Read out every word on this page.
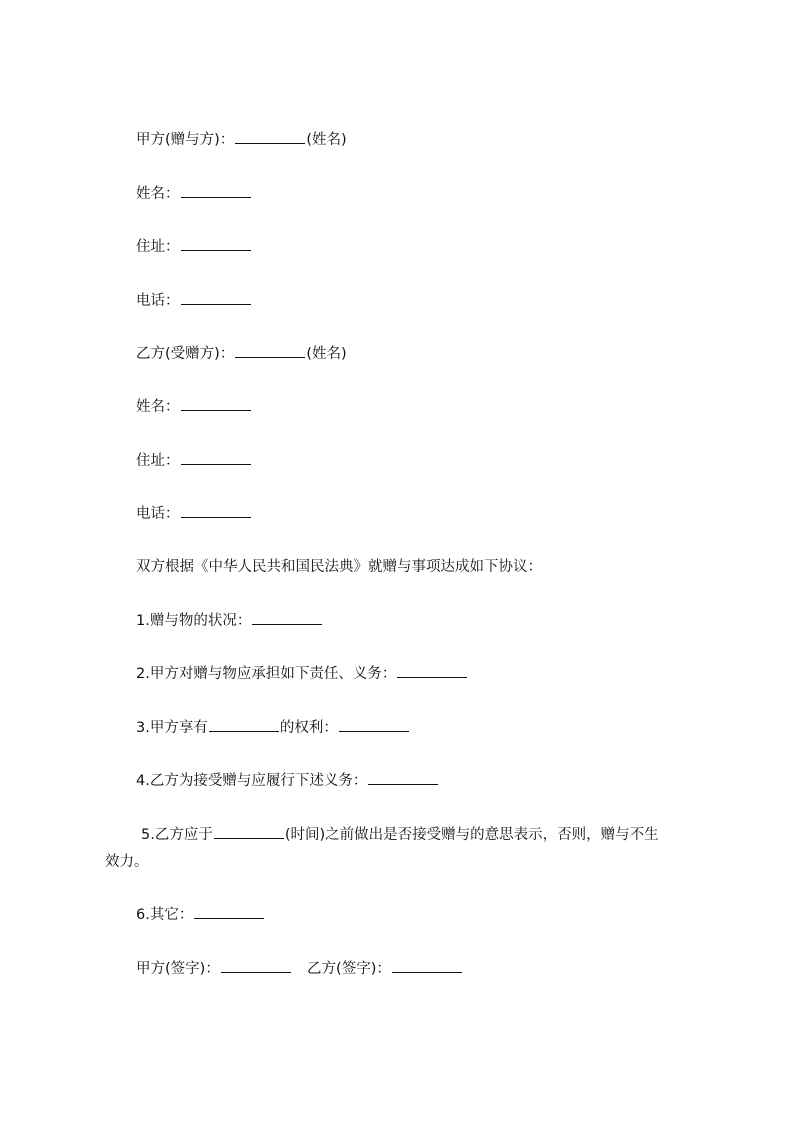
甲方(赠与方)：	(姓名)

姓名：

住址：

电话：

乙方(受赠方)：	(姓名)

姓名：

住址：

电话：

双方根据《中华人民共和国民法典》就赠与事项达成如下协议：

1.赠与物的状况：

2.甲方对赠与物应承担如下责任、义务：

3.甲方享有	的权利：

4.乙方为接受赠与应履行下述义务：

5.乙方应于	(时间)之前做出是否接受赠与的意思表示，否则，赠与不生

效力。

6.其它：

甲方(签字)：	乙方(签字)：
